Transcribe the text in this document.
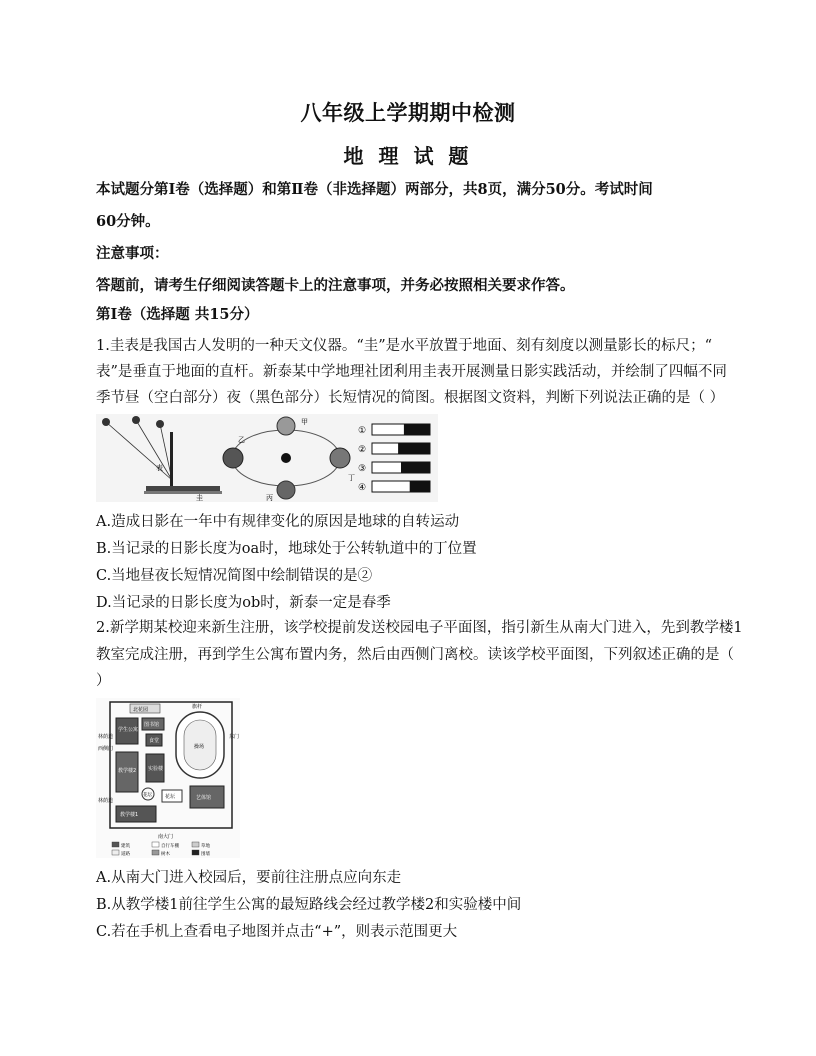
八年级上学期期中检测
地 理 试 题
本试题分第Ⅰ卷（选择题）和第Ⅱ卷（非选择题）两部分，共8页，满分50分。考试时间
60分钟。
注意事项：
答题前，请考生仔细阅读答题卡上的注意事项，并务必按照相关要求作答。
第Ⅰ卷（选择题 共15分）
1.圭表是我国古人发明的一种天文仪器。“圭”是水平放置于地面、刻有刻度以测量影长的标尺；“
表”是垂直于地面的直杆。新泰某中学地理社团利用圭表开展测量日影实践活动，并绘制了四幅不同
季节昼（空白部分）夜（黑色部分）长短情况的简图。根据图文资料，判断下列说法正确的是（ ）
表
圭
甲
乙
丙
丁
①
②
③
④
A.造成日影在一年中有规律变化的原因是地球的自转运动
B.当记录的日影长度为oa时，地球处于公转轨道中的丁位置
C.当地昼夜长短情况简图中绘制错误的是②
D.当记录的日影长度为ob时，新泰一定是春季
2.新学期某校迎来新生注册，该学校提前发送校园电子平面图，指引新生从南大门进入，先到教学楼1
教室完成注册，再到学生公寓布置内务，然后由西侧门离校。读该学校平面图，下列叙述正确的是（
）
林荫道
西侧门
林荫道
东门
北花园
学生公寓
图书馆
食堂
教学楼2 实验楼
操场
旗杆
花坛	花坛	艺体馆
教学楼1
南大门
建筑	自行车棚	草地
道路	树木	围墙
A.从南大门进入校园后，要前往注册点应向东走
B.从教学楼1前往学生公寓的最短路线会经过教学楼2和实验楼中间
C.若在手机上查看电子地图并点击“+”，则表示范围更大
